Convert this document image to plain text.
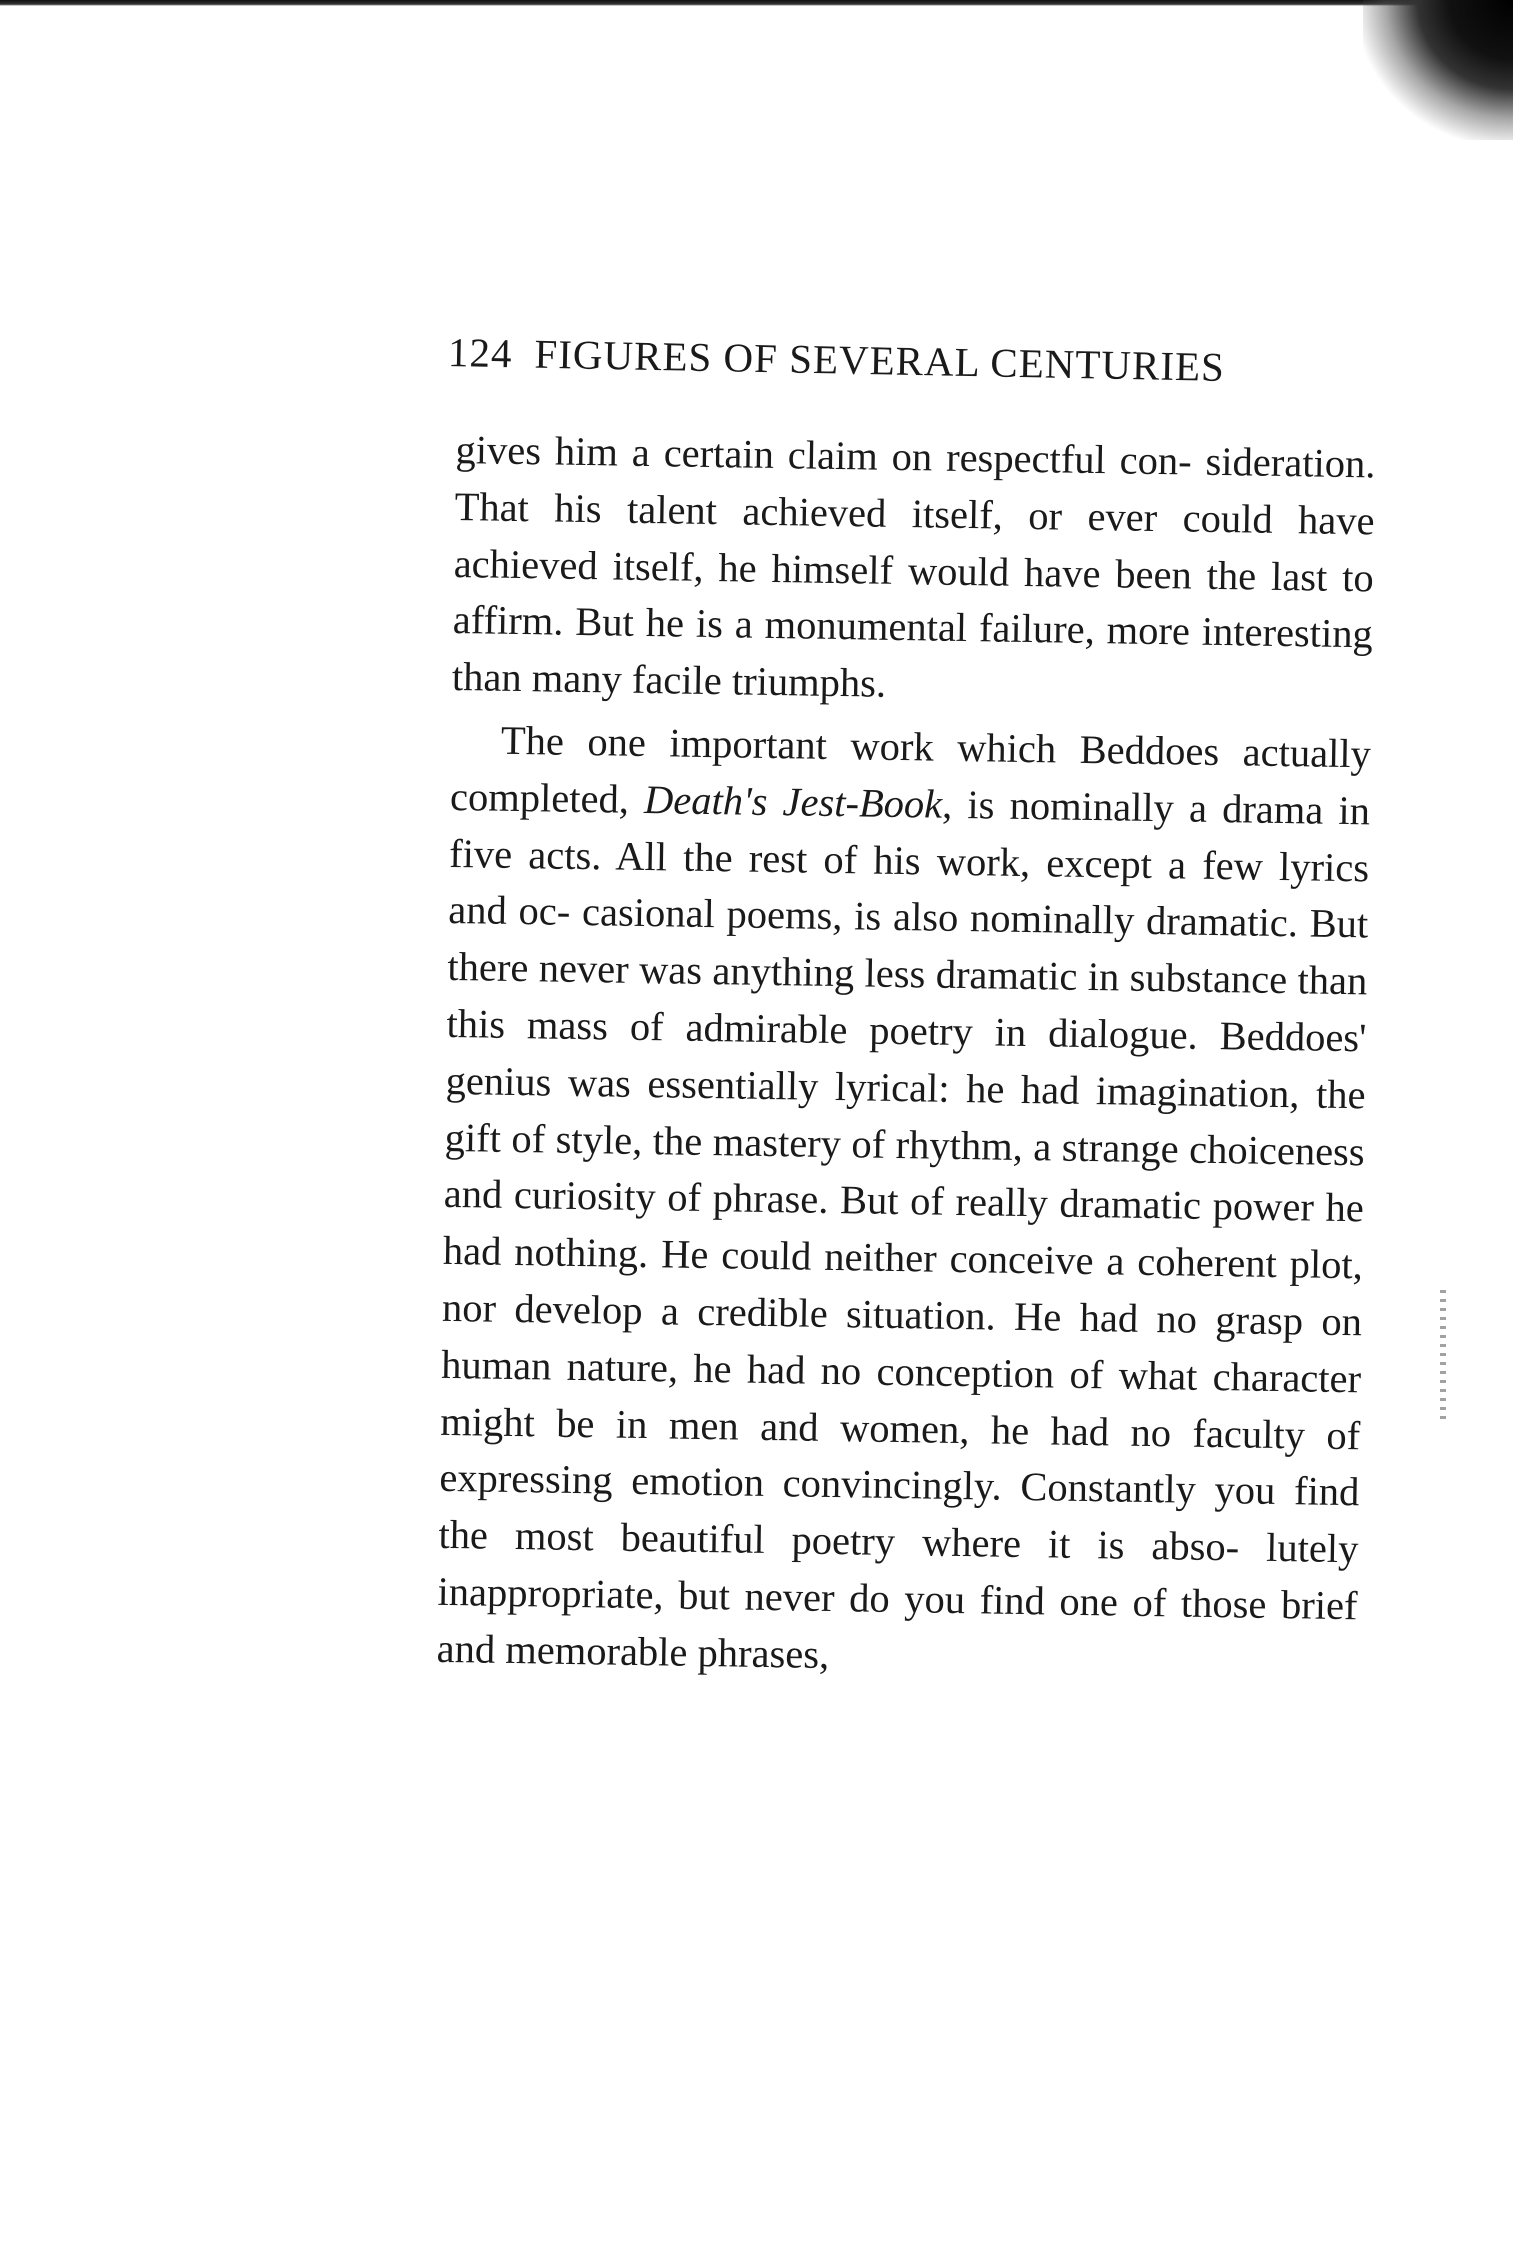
124 FIGURES OF SEVERAL CENTURIES

gives him a certain claim on respectful con- sideration. That his talent achieved itself, or ever could have achieved itself, he himself would have been the last to affirm. But he is a monumental failure, more interesting than many facile triumphs.

The one important work which Beddoes actually completed, Death's Jest-Book, is nominally a drama in five acts. All the rest of his work, except a few lyrics and oc- casional poems, is also nominally dramatic. But there never was anything less dramatic in substance than this mass of admirable poetry in dialogue. Beddoes' genius was essentially lyrical: he had imagination, the gift of style, the mastery of rhythm, a strange choiceness and curiosity of phrase. But of really dramatic power he had nothing. He could neither conceive a coherent plot, nor develop a credible situation. He had no grasp on human nature, he had no conception of what character might be in men and women, he had no faculty of expressing emotion convincingly. Constantly you find the most beautiful poetry where it is abso- lutely inappropriate, but never do you find one of those brief and memorable phrases,
